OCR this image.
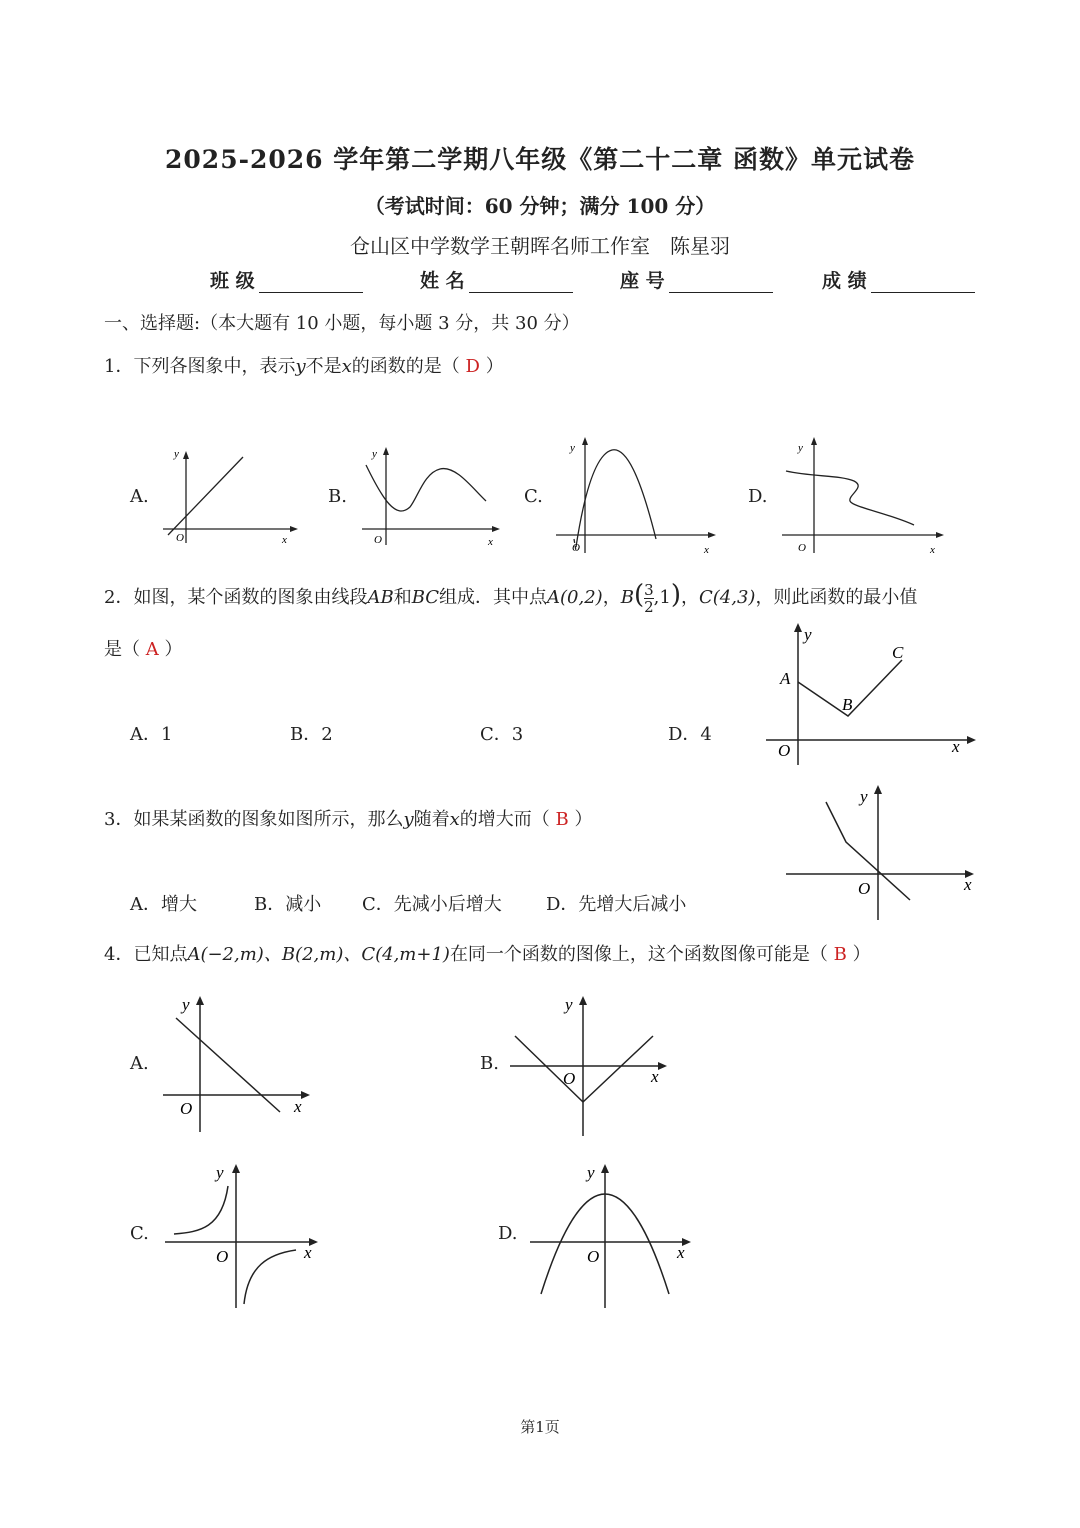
2025-2026 学年第二学期八年级《第二十二章 函数》单元试卷
（考试时间：60 分钟；满分 100 分）
仓山区中学数学王朝晖名师工作室　陈星羽
班 级	姓 名	座 号	成 绩
一、选择题:（本大题有 10 小题，每小题 3 分，共 30 分）
1．下列各图象中，表示y不是x的函数的是（ D ）
A.	B.	C.	D.
y
O	x
y
O	x
y
O	x
y
O	x
2．如图，某个函数的图象由线段AB和BC组成．其中点A(0,2)，$B( \frac{3}{2} ,1)$，C(4,3)，则此函数的最小值
是（ A ）
A．1	B．2	C．3	D．4
y
A
B
C
O	x
3．如果某函数的图象如图所示，那么y随着x的增大而（ B ）
A．增大	B．减小 C．先减小后增大 D．先增大后减小
y
O	x
4．已知点A(−2,m)、B(2,m)、C(4,m+1)在同一个函数的图像上，这个函数图像可能是（ B ）
A.	B.
C.	D.
y
O	x
y
O	x
y
O	x
y
O	x
第1页
